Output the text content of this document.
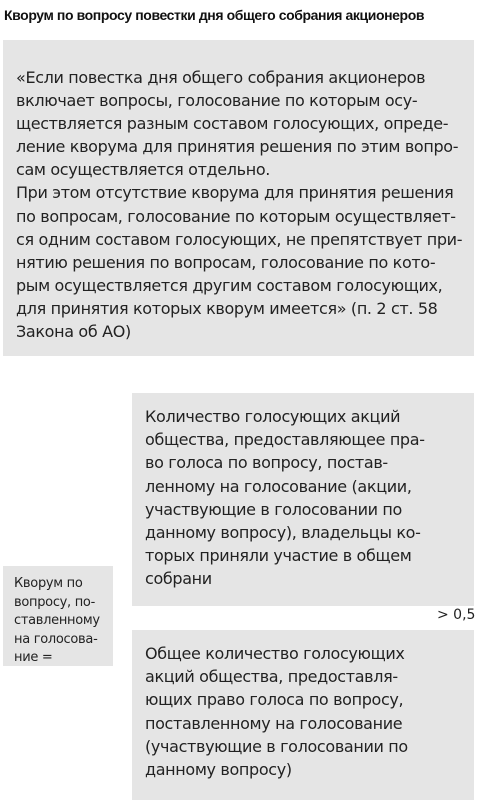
Кворум по вопросу повестки дня общего собрания акционеров
«Если повестка дня общего собрания акционеров
включает вопросы, голосование по которым осу-
ществляется разным составом голосующих, опреде-
ление кворума для принятия решения по этим вопро-
сам осуществляется отдельно.
При этом отсутствие кворума для принятия решения
по вопросам, голосование по которым осуществляет-
ся одним составом голосующих, не препятствует при-
нятию решения по вопросам, голосование по кото-
рым осуществляется другим составом голосующих,
для принятия которых кворум имеется» (п. 2 ст. 58
Закона об АО)
Количество голосующих акций
общества, предоставляющее пра-
во голоса по вопросу, постав-
ленному на голосование (акции,
участвующие в голосовании по
данному вопросу), владельцы ко-
торых приняли участие в общем
собрани
Кворум по
вопросу, по-
ставленному
на голосова-
ние =
> 0,5
Общее количество голосующих
акций общества, предоставля-
ющих право голоса по вопросу,
поставленному на голосование
(участвующие в голосовании по
данному вопросу)
